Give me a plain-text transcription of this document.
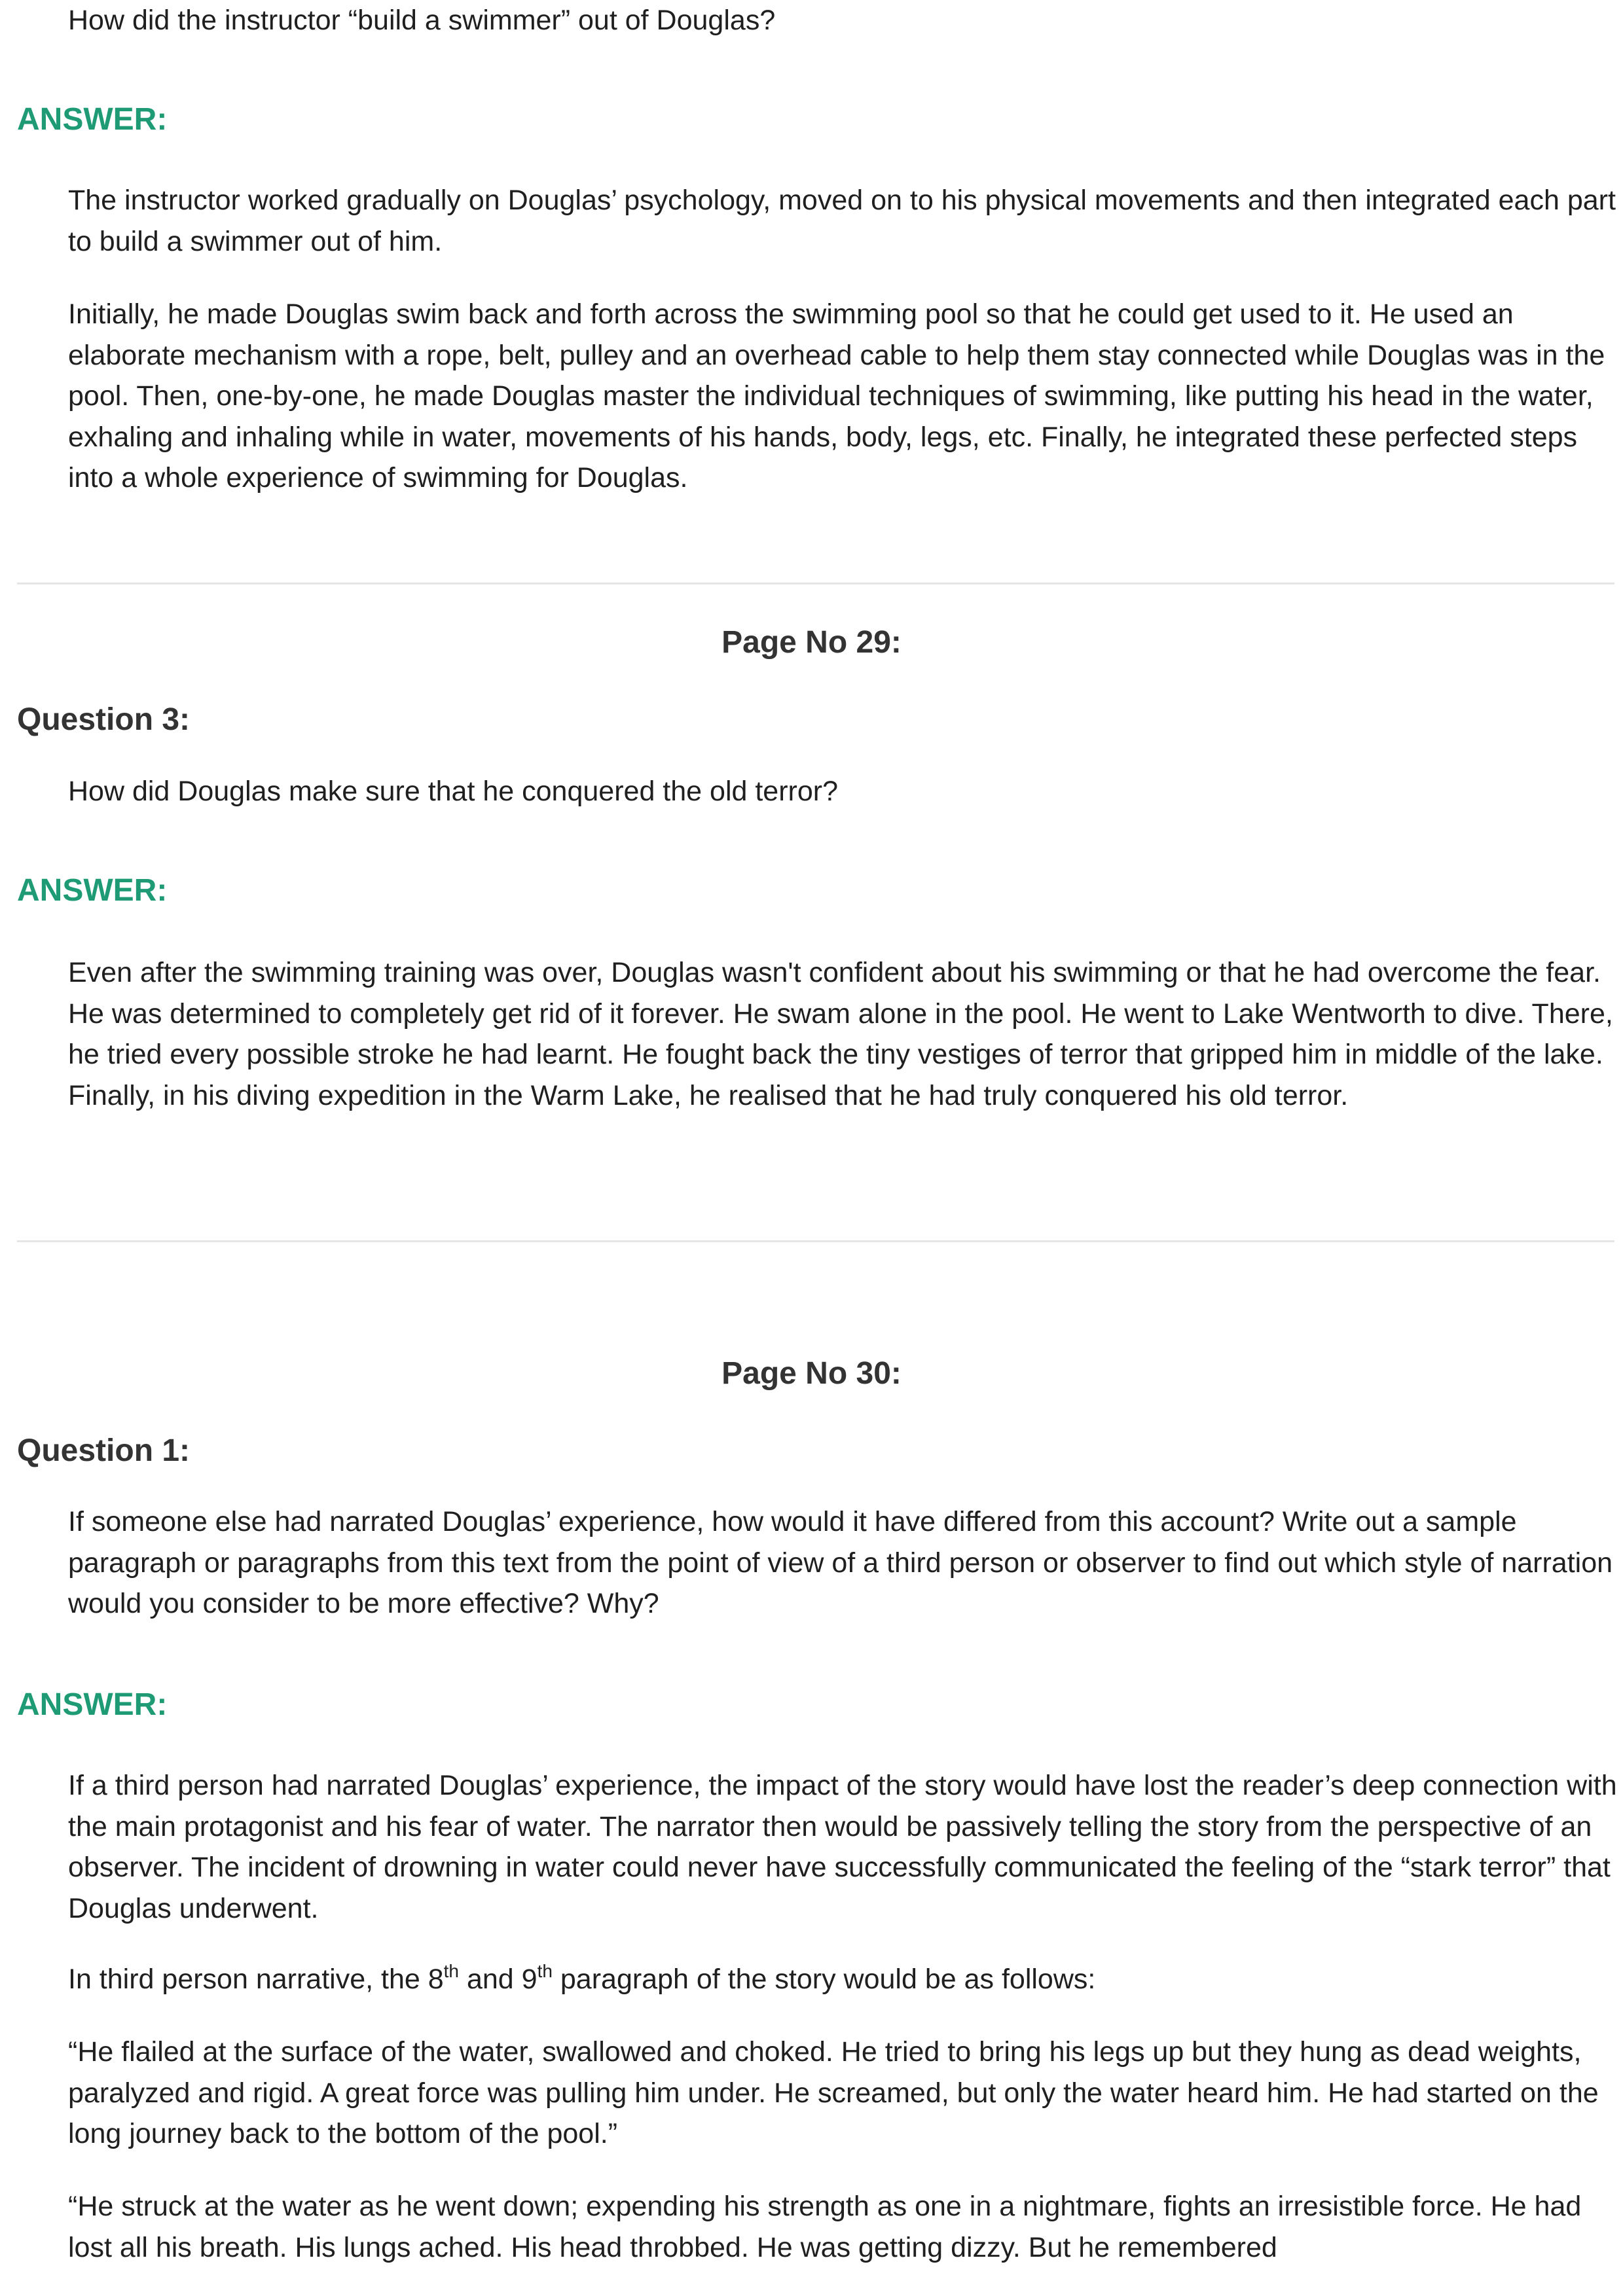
How did the instructor “build a swimmer” out of Douglas?

ANSWER:

The instructor worked gradually on Douglas’ psychology, moved on to his physical movements and then integrated each part to build a swimmer out of him.

Initially, he made Douglas swim back and forth across the swimming pool so that he could get used to it. He used an elaborate mechanism with a rope, belt, pulley and an overhead cable to help them stay connected while Douglas was in the pool. Then, one-by-one, he made Douglas master the individual techniques of swimming, like putting his head in the water, exhaling and inhaling while in water, movements of his hands, body, legs, etc. Finally, he integrated these perfected steps into a whole experience of swimming for Douglas.

Page No 29:
Question 3:

How did Douglas make sure that he conquered the old terror?

ANSWER:

Even after the swimming training was over, Douglas wasn't confident about his swimming or that he had overcome the fear. He was determined to completely get rid of it forever. He swam alone in the pool. He went to Lake Wentworth to dive. There, he tried every possible stroke he had learnt. He fought back the tiny vestiges of terror that gripped him in middle of the lake. Finally, in his diving expedition in the Warm Lake, he realised that he had truly conquered his old terror.

Page No 30:
Question 1:

If someone else had narrated Douglas’ experience, how would it have differed from this account? Write out a sample paragraph or paragraphs from this text from the point of view of a third person or observer to find out which style of narration would you consider to be more effective? Why?

ANSWER:

If a third person had narrated Douglas’ experience, the impact of the story would have lost the reader’s deep connection with the main protagonist and his fear of water. The narrator then would be passively telling the story from the perspective of an observer. The incident of drowning in water could never have successfully communicated the feeling of the “stark terror” that Douglas underwent.

In third person narrative, the 8th and 9th paragraph of the story would be as follows:

“He flailed at the surface of the water, swallowed and choked. He tried to bring his legs up but they hung as dead weights, paralyzed and rigid. A great force was pulling him under. He screamed, but only the water heard him. He had started on the long journey back to the bottom of the pool.”

“He struck at the water as he went down; expending his strength as one in a nightmare, fights an irresistible force. He had lost all his breath. His lungs ached. His head throbbed. He was getting dizzy. But he remembered
